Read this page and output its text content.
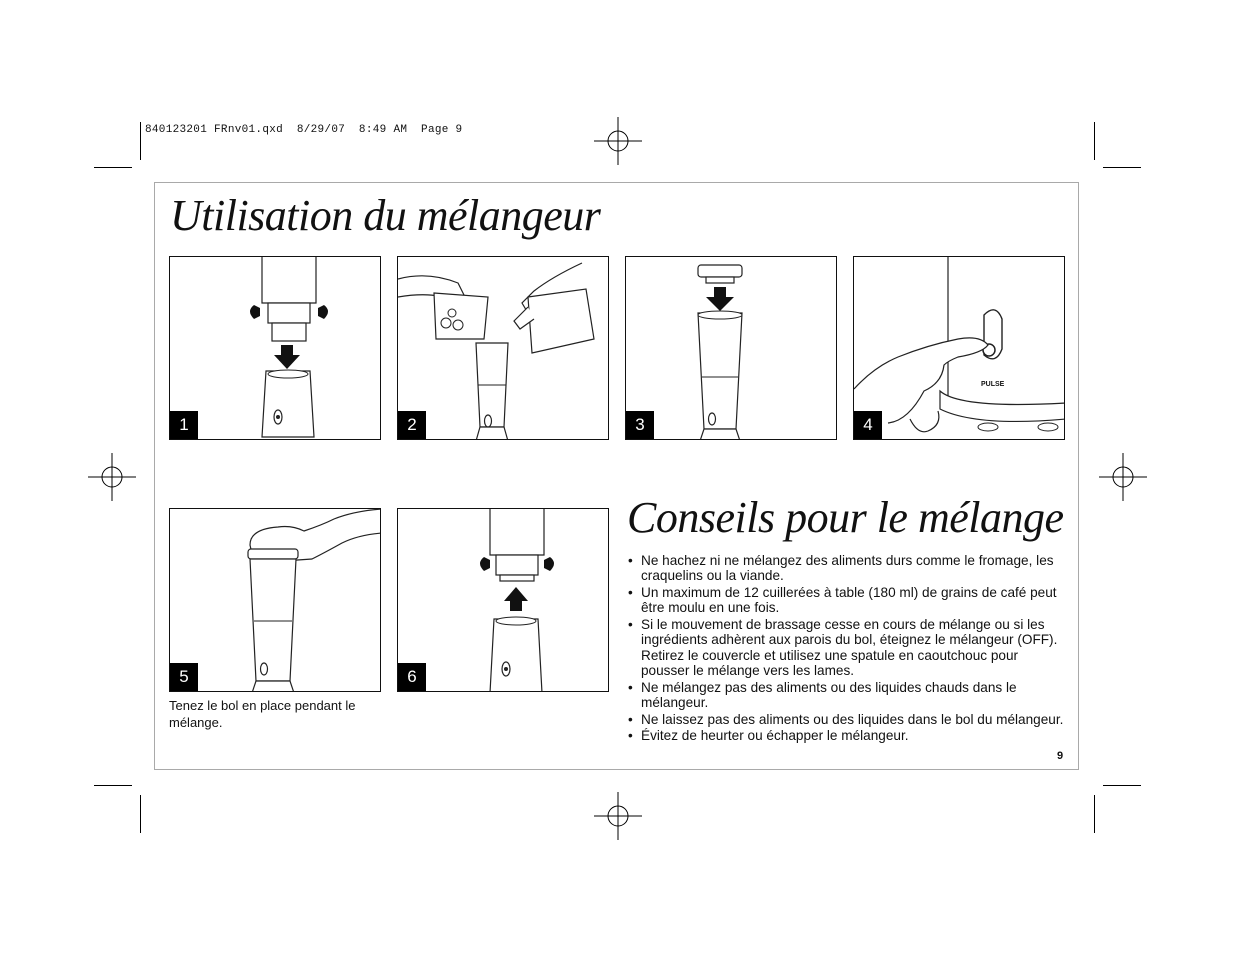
840123201 FRnv01.qxd  8/29/07  8:49 AM  Page 9
Utilisation du mélangeur
1	2	3
PULSE
4
5	6
Tenez le bol en place pendant le mélange.
Conseils pour le mélange
• Ne hachez ni ne mélangez des aliments durs comme le fromage, les craquelins ou la viande.
• Un maximum de 12 cuillerées à table (180 ml) de grains de café peut être moulu en une fois.
• Si le mouvement de brassage cesse en cours de mélange ou si les ingrédients adhèrent aux parois du bol, éteignez le mélangeur (OFF). Retirez le couvercle et utilisez une spatule en caoutchouc pour pousser le mélange vers les lames.
• Ne mélangez pas des aliments ou des liquides chauds dans le mélangeur.
• Ne laissez pas des aliments ou des liquides dans le bol du mélangeur.
• Évitez de heurter ou échapper le mélangeur.
9
